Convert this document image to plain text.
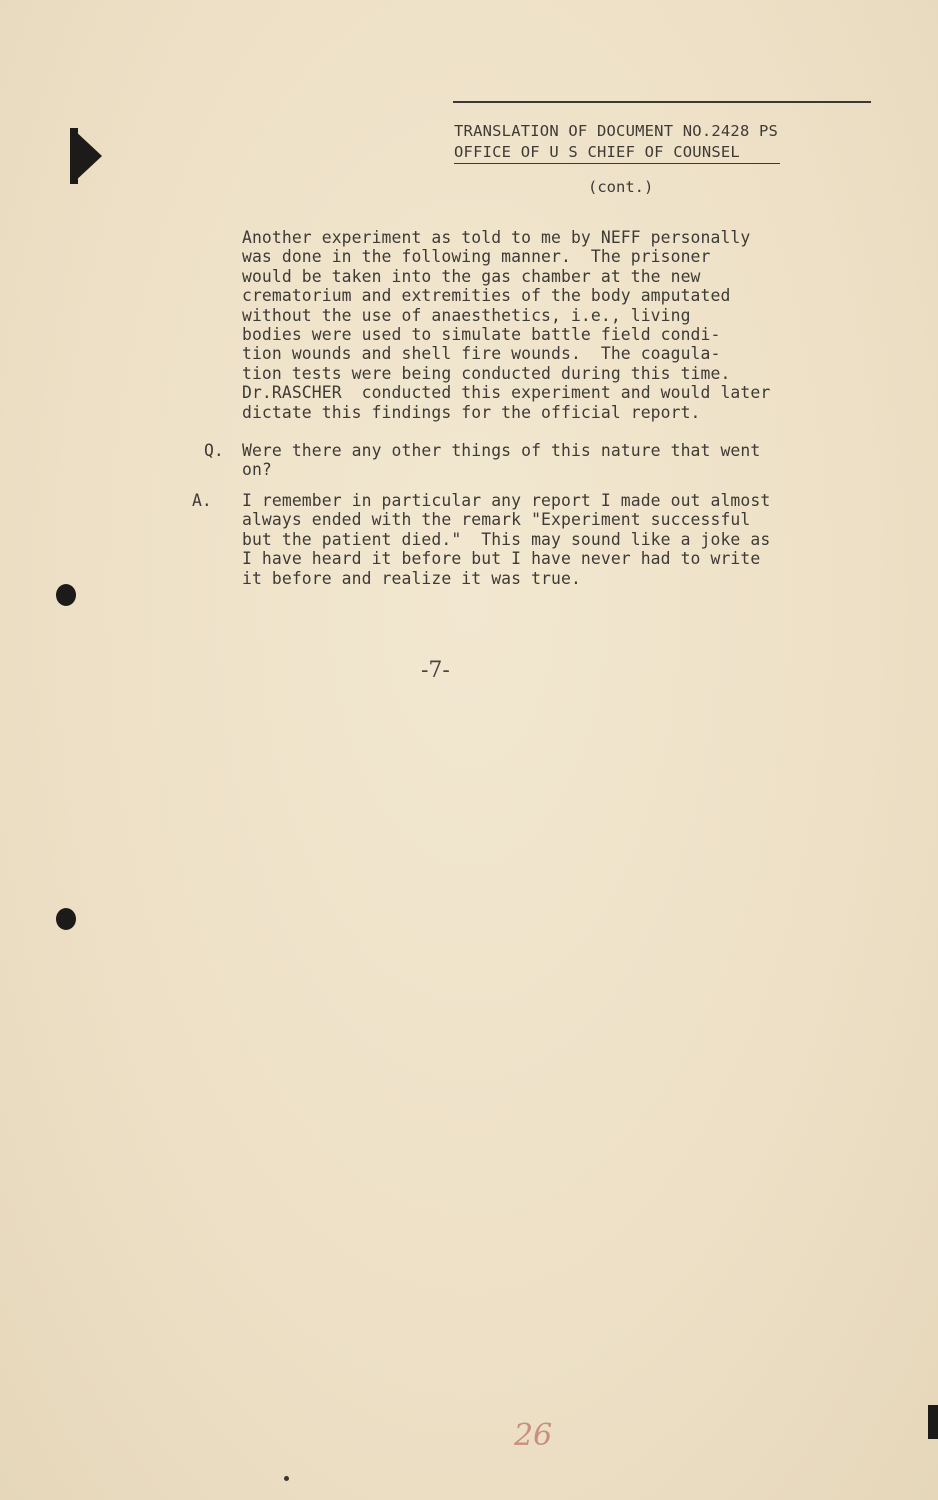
TRANSLATION OF DOCUMENT NO.2428 PS
OFFICE OF U S CHIEF OF COUNSEL
(cont.)
Another experiment as told to me by NEFF personally
was done in the following manner.  The prisoner
would be taken into the gas chamber at the new
crematorium and extremities of the body amputated
without the use of anaesthetics, i.e., living
bodies were used to simulate battle field condi-
tion wounds and shell fire wounds.  The coagula-
tion tests were being conducted during this time.
Dr.RASCHER  conducted this experiment and would later
dictate this findings for the official report.
Q. Were there any other things of this nature that went
on?
A. I remember in particular any report I made out almost
always ended with the remark "Experiment successful
but the patient died."  This may sound like a joke as
I have heard it before but I have never had to write
it before and realize it was true.
-7-
26
